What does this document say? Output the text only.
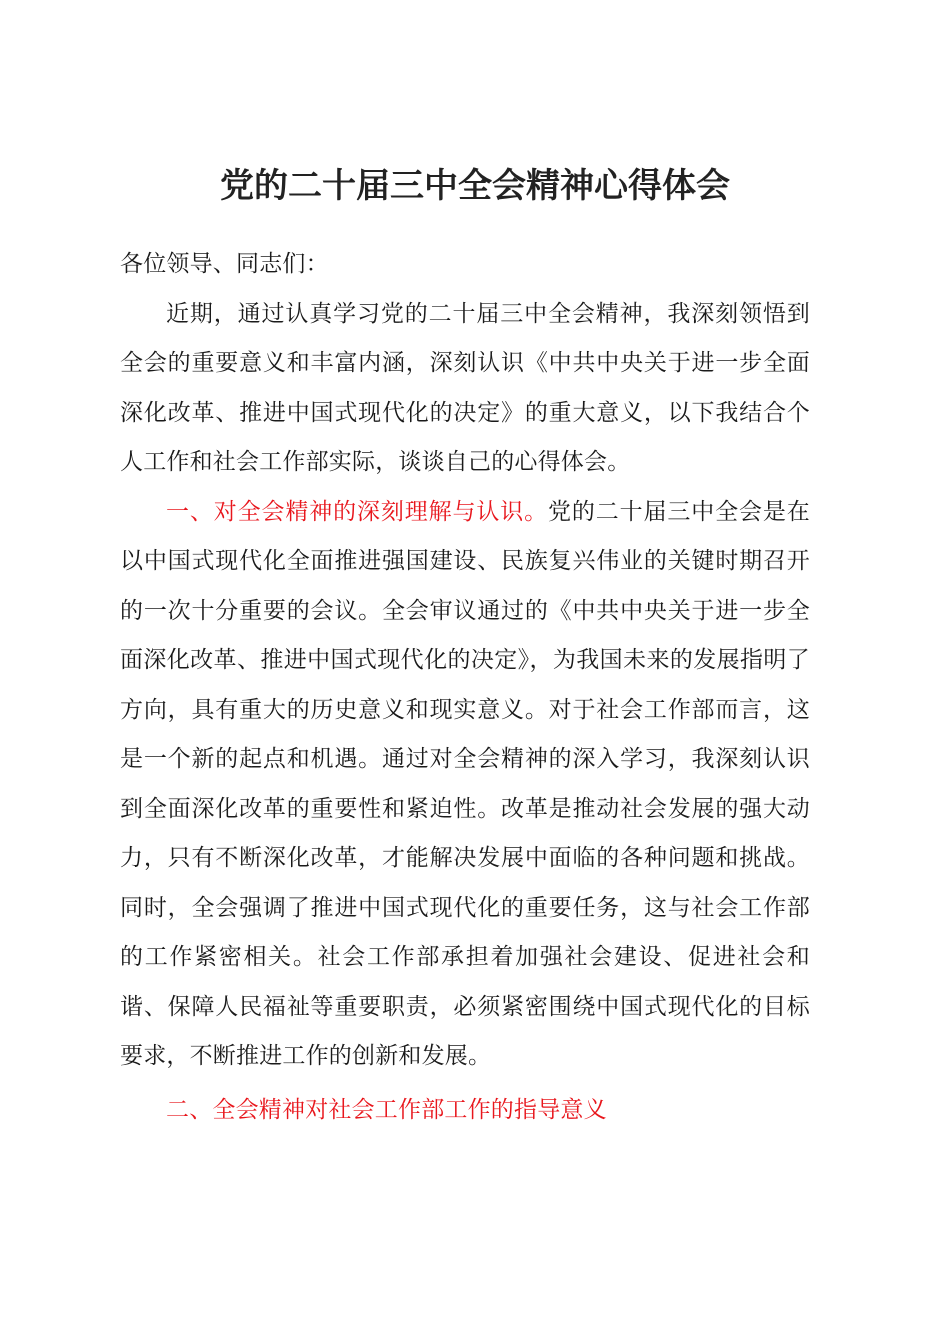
党的二十届三中全会精神心得体会

各位领导、同志们：

近期，通过认真学习党的二十届三中全会精神，我深刻领悟到全会的重要意义和丰富内涵，深刻认识《中共中央关于进一步全面深化改革、推进中国式现代化的决定》的重大意义，以下我结合个人工作和社会工作部实际，谈谈自己的心得体会。

一、对全会精神的深刻理解与认识。党的二十届三中全会是在以中国式现代化全面推进强国建设、民族复兴伟业的关键时期召开的一次十分重要的会议。全会审议通过的《中共中央关于进一步全面深化改革、推进中国式现代化的决定》，为我国未来的发展指明了方向，具有重大的历史意义和现实意义。对于社会工作部而言，这是一个新的起点和机遇。通过对全会精神的深入学习，我深刻认识到全面深化改革的重要性和紧迫性。改革是推动社会发展的强大动力，只有不断深化改革，才能解决发展中面临的各种问题和挑战。同时，全会强调了推进中国式现代化的重要任务，这与社会工作部的工作紧密相关。社会工作部承担着加强社会建设、促进社会和谐、保障人民福祉等重要职责，必须紧密围绕中国式现代化的目标要求，不断推进工作的创新和发展。

二、全会精神对社会工作部工作的指导意义
